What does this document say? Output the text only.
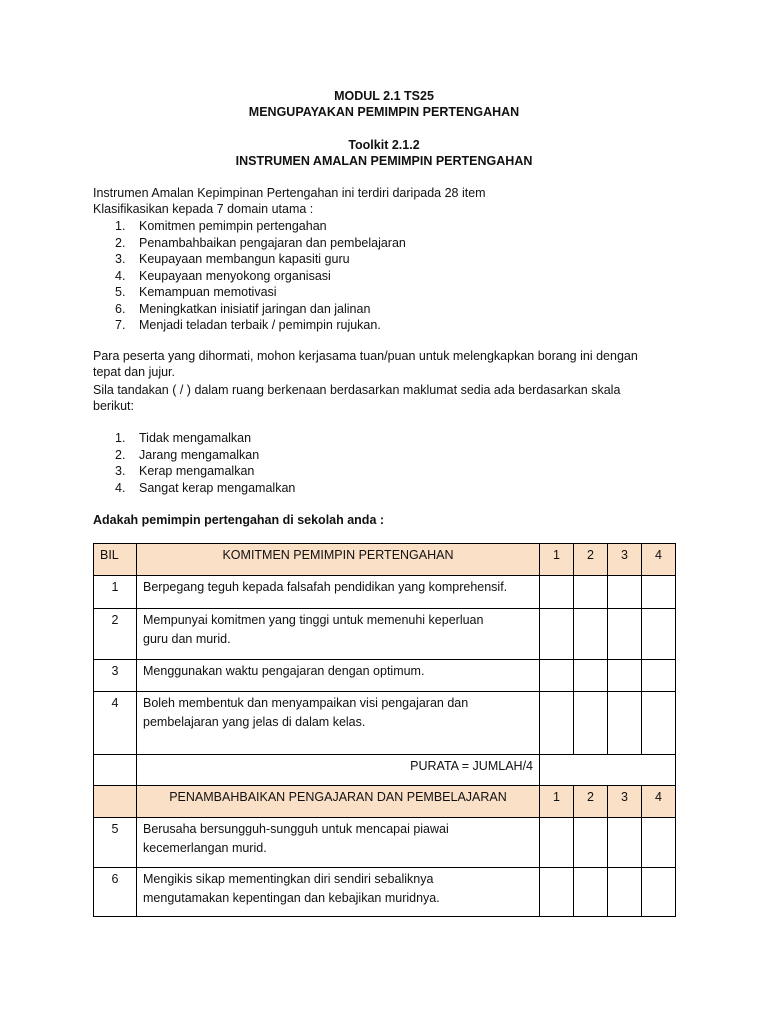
MODUL 2.1 TS25
MENGUPAYAKAN PEMIMPIN PERTENGAHAN
Toolkit 2.1.2
INSTRUMEN AMALAN PEMIMPIN PERTENGAHAN
Instrumen Amalan Kepimpinan Pertengahan ini terdiri daripada 28 item
Klasifikasikan kepada 7 domain utama :
1. Komitmen pemimpin pertengahan
2. Penambahbaikan pengajaran dan pembelajaran
3. Keupayaan membangun kapasiti guru
4. Keupayaan menyokong organisasi
5. Kemampuan memotivasi
6. Meningkatkan inisiatif jaringan dan jalinan
7. Menjadi teladan terbaik / pemimpin rujukan.
Para peserta yang dihormati, mohon kerjasama tuan/puan untuk melengkapkan borang ini dengan
tepat dan jujur.
Sila tandakan ( / ) dalam ruang berkenaan berdasarkan maklumat sedia ada berdasarkan skala
berikut:
1. Tidak mengamalkan
2. Jarang mengamalkan
3. Kerap mengamalkan
4. Sangat kerap mengamalkan
Adakah pemimpin pertengahan di sekolah anda :
BIL	KOMITMEN PEMIMPIN PERTENGAHAN	1	2	3	4
1	Berpegang teguh kepada falsafah pendidikan yang komprehensif.				

2	Mempunyai komitmen yang tinggi untuk memenuhi keperluan
guru dan murid.				

3	Menggunakan waktu pengajaran dengan optimum.				

4	Boleh membentuk dan menyampaikan visi pengajaran dan
pembelajaran yang jelas di dalam kelas.				

	PURATA = JUMLAH/4				
	PENAMBAHBAIKAN PENGAJARAN DAN PEMBELAJARAN	1	2	3	4
5	Berusaha bersungguh-sungguh untuk mencapai piawai
kecemerlangan murid.				

6	Mengikis sikap mementingkan diri sendiri sebaliknya
mengutamakan kepentingan dan kebajikan muridnya.				
